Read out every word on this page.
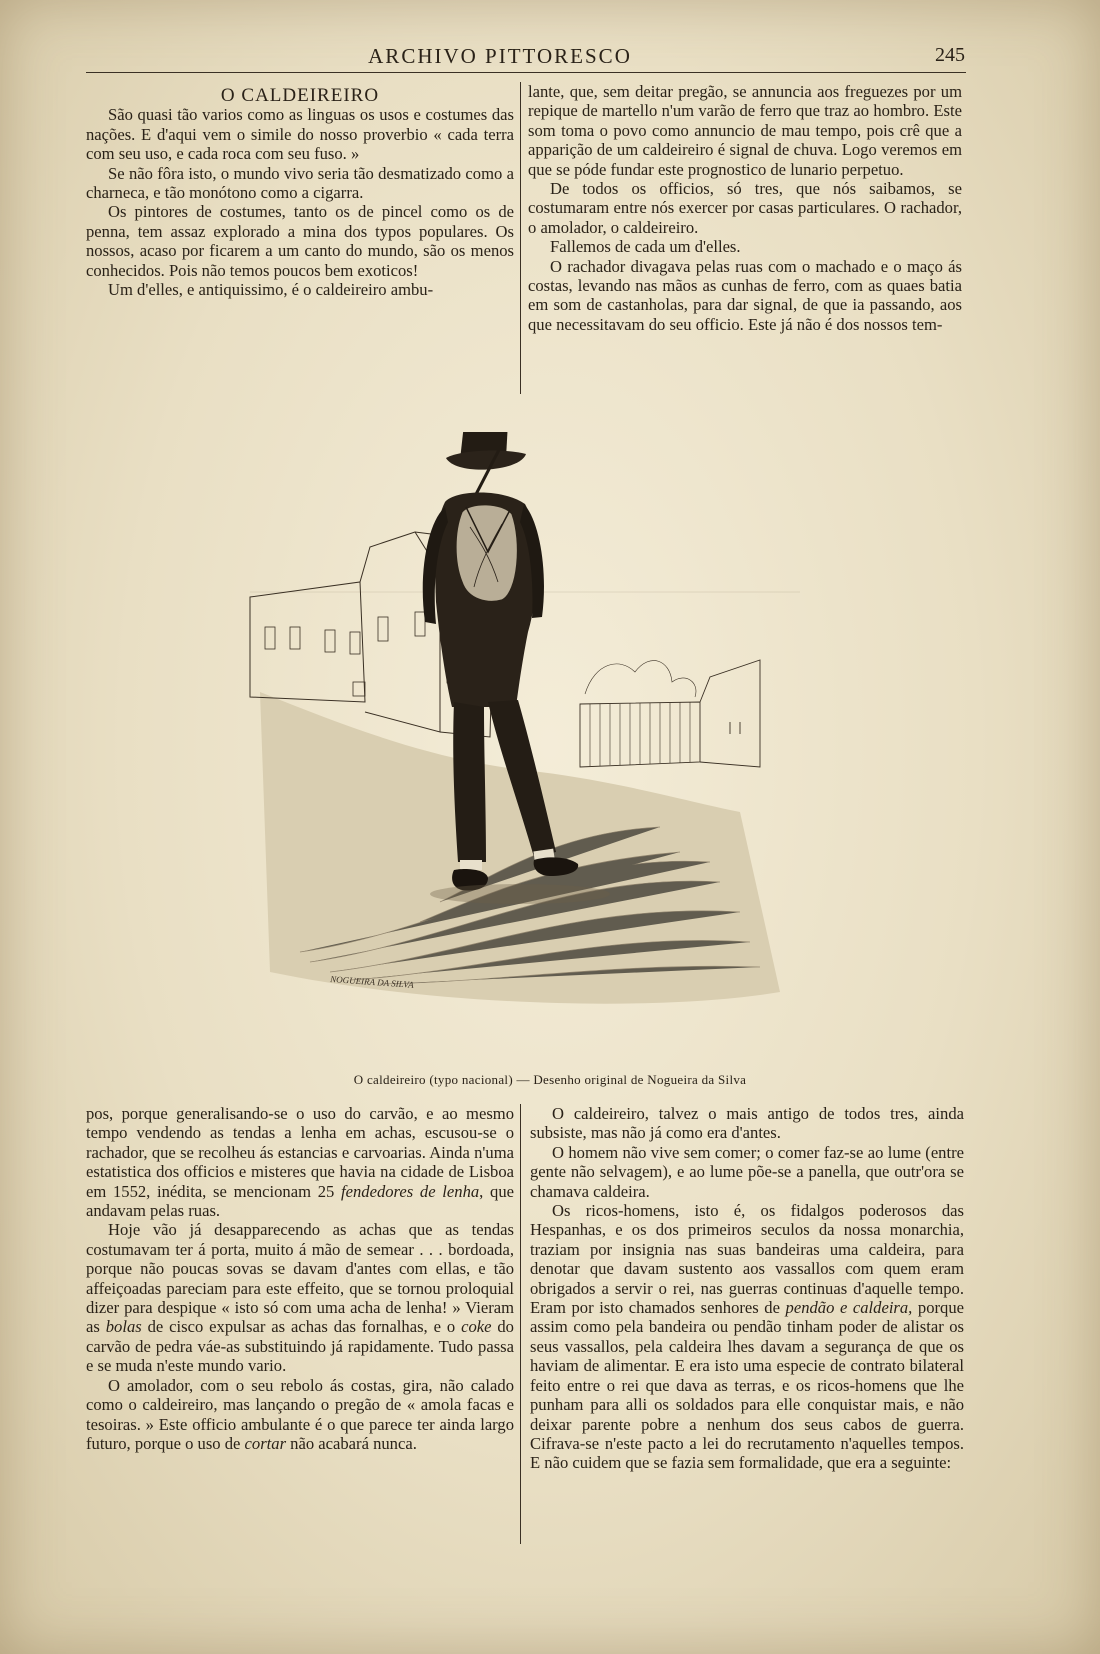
ARCHIVO PITTORESCO	245

O CALDEIREIRO

São quasi tão varios como as linguas os usos e costumes das nações. E d'aqui vem o simile do nosso proverbio « cada terra com seu uso, e cada roca com seu fuso. »

Se não fôra isto, o mundo vivo seria tão desmatizado como a charneca, e tão monótono como a cigarra.

Os pintores de costumes, tanto os de pincel como os de penna, tem assaz explorado a mina dos typos populares. Os nossos, acaso por ficarem a um canto do mundo, são os menos conhecidos. Pois não temos poucos bem exoticos!

Um d'elles, e antiquissimo, é o caldeireiro ambu-

lante, que, sem deitar pregão, se annuncia aos freguezes por um repique de martello n'um varão de ferro que traz ao hombro. Este som toma o povo como annuncio de mau tempo, pois crê que a apparição de um caldeireiro é signal de chuva. Logo veremos em que se póde fundar este prognostico de lunario perpetuo.

De todos os officios, só tres, que nós saibamos, se costumaram entre nós exercer por casas particulares. O rachador, o amolador, o caldeireiro.

Fallemos de cada um d'elles.

O rachador divagava pelas ruas com o machado e o maço ás costas, levando nas mãos as cunhas de ferro, com as quaes batia em som de castanholas, para dar signal, de que ia passando, aos que necessitavam do seu officio. Este já não é dos nossos tem-

NOGUEIRA DA SILVA
O caldeireiro (typo nacional) — Desenho original de Nogueira da Silva

pos, porque generalisando-se o uso do carvão, e ao mesmo tempo vendendo as tendas a lenha em achas, escusou-se o rachador, que se recolheu ás estancias e carvoarias. Ainda n'uma estatistica dos officios e misteres que havia na cidade de Lisboa em 1552, inédita, se mencionam 25 fendedores de lenha, que andavam pelas ruas.

Hoje vão já desapparecendo as achas que as tendas costumavam ter á porta, muito á mão de semear . . . bordoada, porque não poucas sovas se davam d'antes com ellas, e tão affeiçoadas pareciam para este effeito, que se tornou proloquial dizer para despique « isto só com uma acha de lenha! » Vieram as bolas de cisco expulsar as achas das fornalhas, e o coke do carvão de pedra váe-as substituindo já rapidamente. Tudo passa e se muda n'este mundo vario.

O amolador, com o seu rebolo ás costas, gira, não calado como o caldeireiro, mas lançando o pregão de « amola facas e tesoiras. » Este officio ambulante é o que parece ter ainda largo futuro, porque o uso de cortar não acabará nunca.

O caldeireiro, talvez o mais antigo de todos tres, ainda subsiste, mas não já como era d'antes.

O homem não vive sem comer; o comer faz-se ao lume (entre gente não selvagem), e ao lume põe-se a panella, que outr'ora se chamava caldeira.

Os ricos-homens, isto é, os fidalgos poderosos das Hespanhas, e os dos primeiros seculos da nossa monarchia, traziam por insignia nas suas bandeiras uma caldeira, para denotar que davam sustento aos vassallos com quem eram obrigados a servir o rei, nas guerras continuas d'aquelle tempo. Eram por isto chamados senhores de pendão e caldeira, porque assim como pela bandeira ou pendão tinham poder de alistar os seus vassallos, pela caldeira lhes davam a segurança de que os haviam de alimentar. E era isto uma especie de contrato bilateral feito entre o rei que dava as terras, e os ricos-homens que lhe punham para alli os soldados para elle conquistar mais, e não deixar parente pobre a nenhum dos seus cabos de guerra. Cifrava-se n'este pacto a lei do recrutamento n'aquelles tempos. E não cuidem que se fazia sem formalidade, que era a seguinte:
